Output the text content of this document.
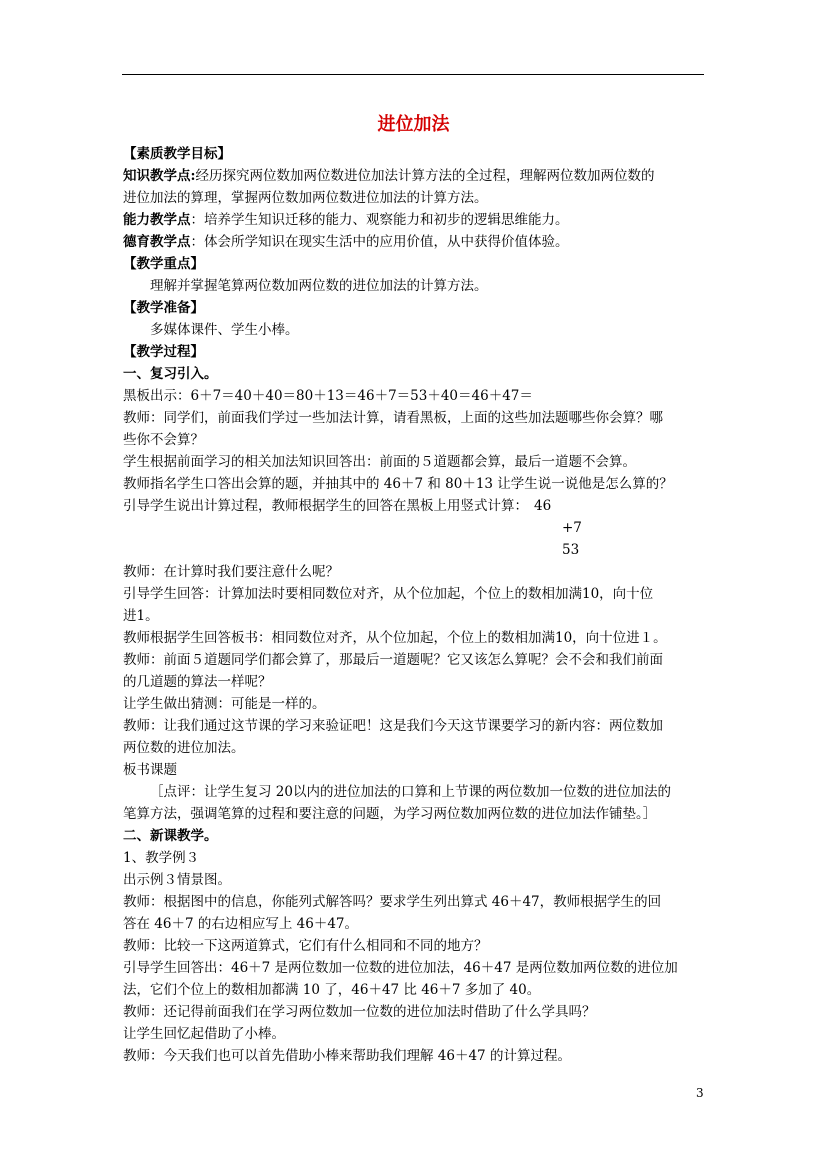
进位加法

【素质教学目标】

知识教学点:经历探究两位数加两位数进位加法计算方法的全过程，理解两位数加两位数的

进位加法的算理，掌握两位数加两位数进位加法的计算方法。

能力教学点：培养学生知识迁移的能力、观察能力和初步的逻辑思维能力。

德育教学点：体会所学知识在现实生活中的应用价值，从中获得价值体验。

【教学重点】

理解并掌握笔算两位数加两位数的进位加法的计算方法。

【教学准备】

多媒体课件、学生小棒。

【教学过程】

一、复习引入。

黑板出示：6＋7＝40＋40＝80＋13＝46＋7＝53＋40＝46＋47＝

教师：同学们，前面我们学过一些加法计算，请看黑板，上面的这些加法题哪些你会算？哪

些你不会算？

学生根据前面学习的相关加法知识回答出：前面的５道题都会算，最后一道题不会算。

教师指名学生口答出会算的题，并抽其中的 46＋7 和 80＋13 让学生说一说他是怎么算的？

引导学生说出计算过程，教师根据学生的回答在黑板上用竖式计算： 46

+7

53

教师：在计算时我们要注意什么呢？

引导学生回答：计算加法时要相同数位对齐，从个位加起，个位上的数相加满10，向十位

进1。

教师根据学生回答板书：相同数位对齐，从个位加起，个位上的数相加满10，向十位进１。

教师：前面５道题同学们都会算了，那最后一道题呢？它又该怎么算呢？会不会和我们前面

的几道题的算法一样呢？

让学生做出猜测：可能是一样的。

教师：让我们通过这节课的学习来验证吧！这是我们今天这节课要学习的新内容：两位数加

两位数的进位加法。

板书课题

［点评：让学生复习 20以内的进位加法的口算和上节课的两位数加一位数的进位加法的

笔算方法，强调笔算的过程和要注意的问题，为学习两位数加两位数的进位加法作铺垫。］

二、新课教学。

1、教学例３

出示例３情景图。

教师：根据图中的信息，你能列式解答吗？要求学生列出算式 46＋47，教师根据学生的回

答在 46＋7 的右边相应写上 46＋47。

教师：比较一下这两道算式，它们有什么相同和不同的地方？

引导学生回答出：46＋7 是两位数加一位数的进位加法，46＋47 是两位数加两位数的进位加

法，它们个位上的数相加都满 10 了，46＋47 比 46＋7 多加了 40。

教师：还记得前面我们在学习两位数加一位数的进位加法时借助了什么学具吗？

让学生回忆起借助了小棒。

教师：今天我们也可以首先借助小棒来帮助我们理解 46＋47 的计算过程。

3
